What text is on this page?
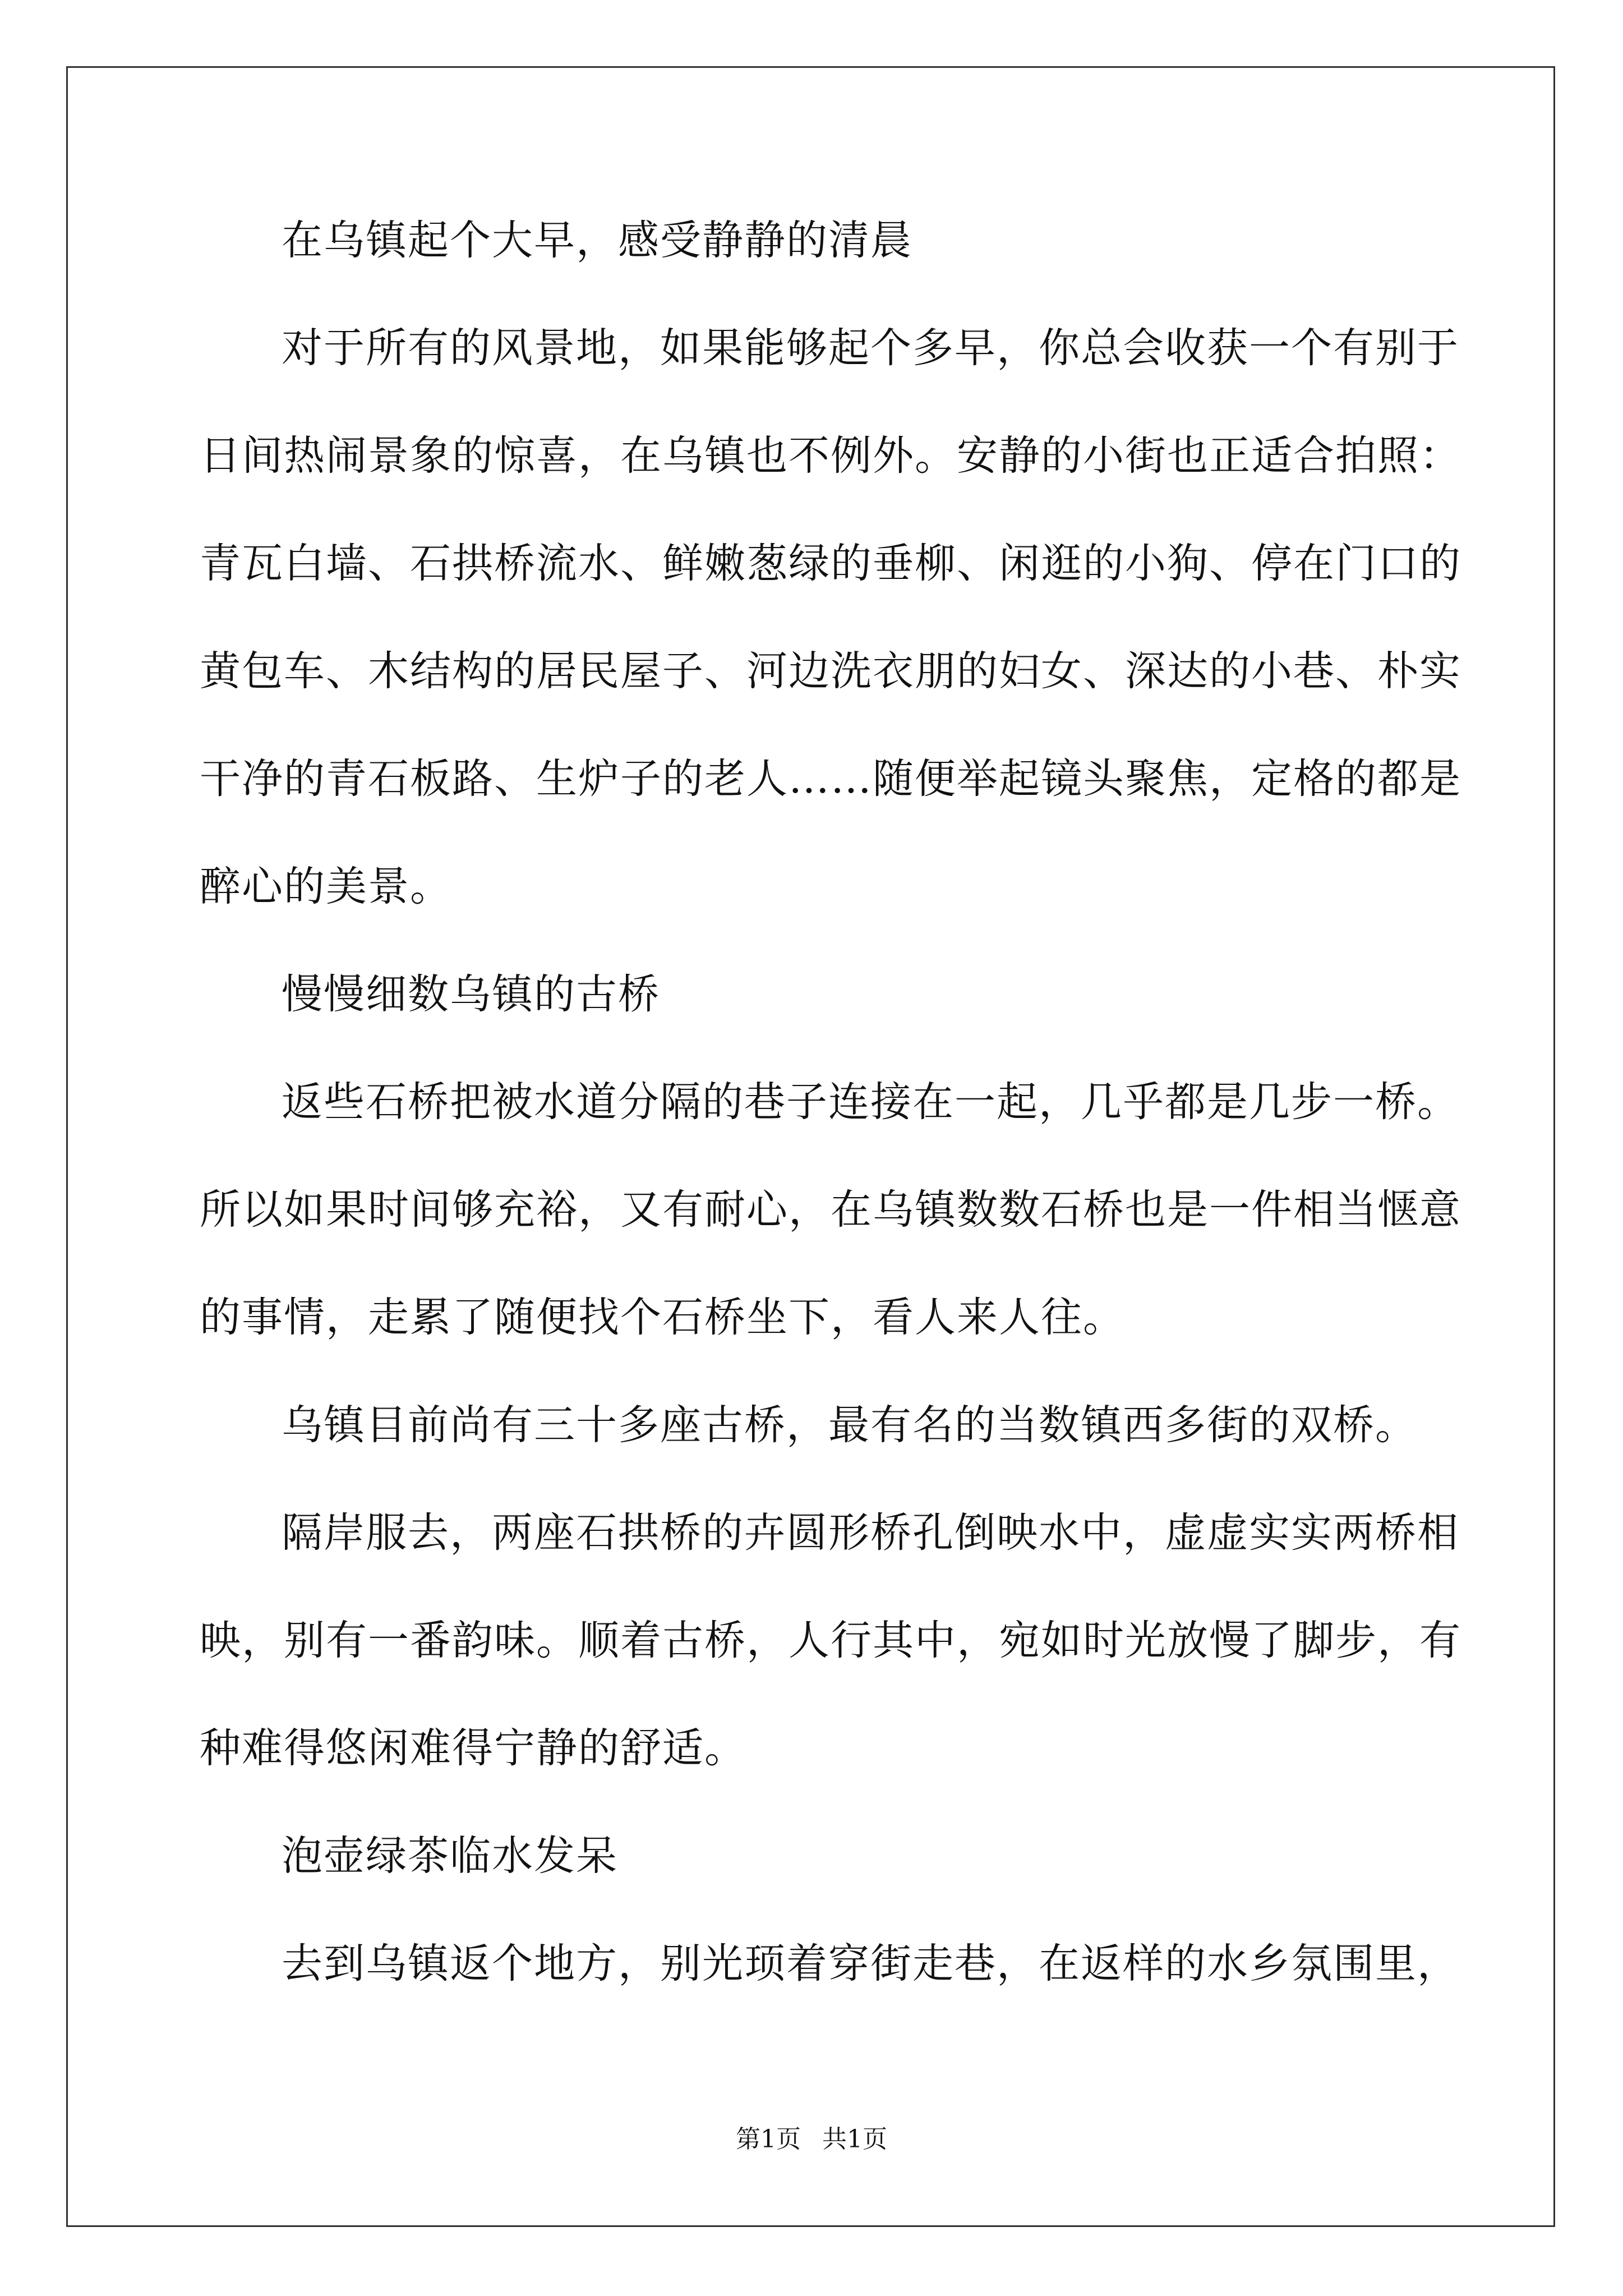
在乌镇起个大早，感受静静的清晨
对于所有的风景地，如果能够起个多早，你总会收获一个有别于
日间热闹景象的惊喜，在乌镇也不例外。安静的小街也正适合拍照：
青瓦白墙、石拱桥流水、鲜嫩葱绿的垂柳、闲逛的小狗、停在门口的
黄包车、木结构的居民屋子、河边洗衣朋的妇女、深达的小巷、朴实
干净的青石板路、生炉子的老人……随便举起镜头聚焦，定格的都是
醉心的美景。
慢慢细数乌镇的古桥
返些石桥把被水道分隔的巷子连接在一起，几乎都是几步一桥。
所以如果时间够充裕，又有耐心，在乌镇数数石桥也是一件相当惬意
的事情，走累了随便找个石桥坐下，看人来人往。
乌镇目前尚有三十多座古桥，最有名的当数镇西多街的双桥。
隔岸服去，两座石拱桥的卉圆形桥孔倒映水中，虚虚实实两桥相
映，别有一番韵味。顺着古桥，人行其中，宛如时光放慢了脚步，有
种难得悠闲难得宁静的舒适。
泡壶绿茶临水发呆
去到乌镇返个地方，别光顼着穿街走巷，在返样的水乡氛围里，
第1页 共1页
